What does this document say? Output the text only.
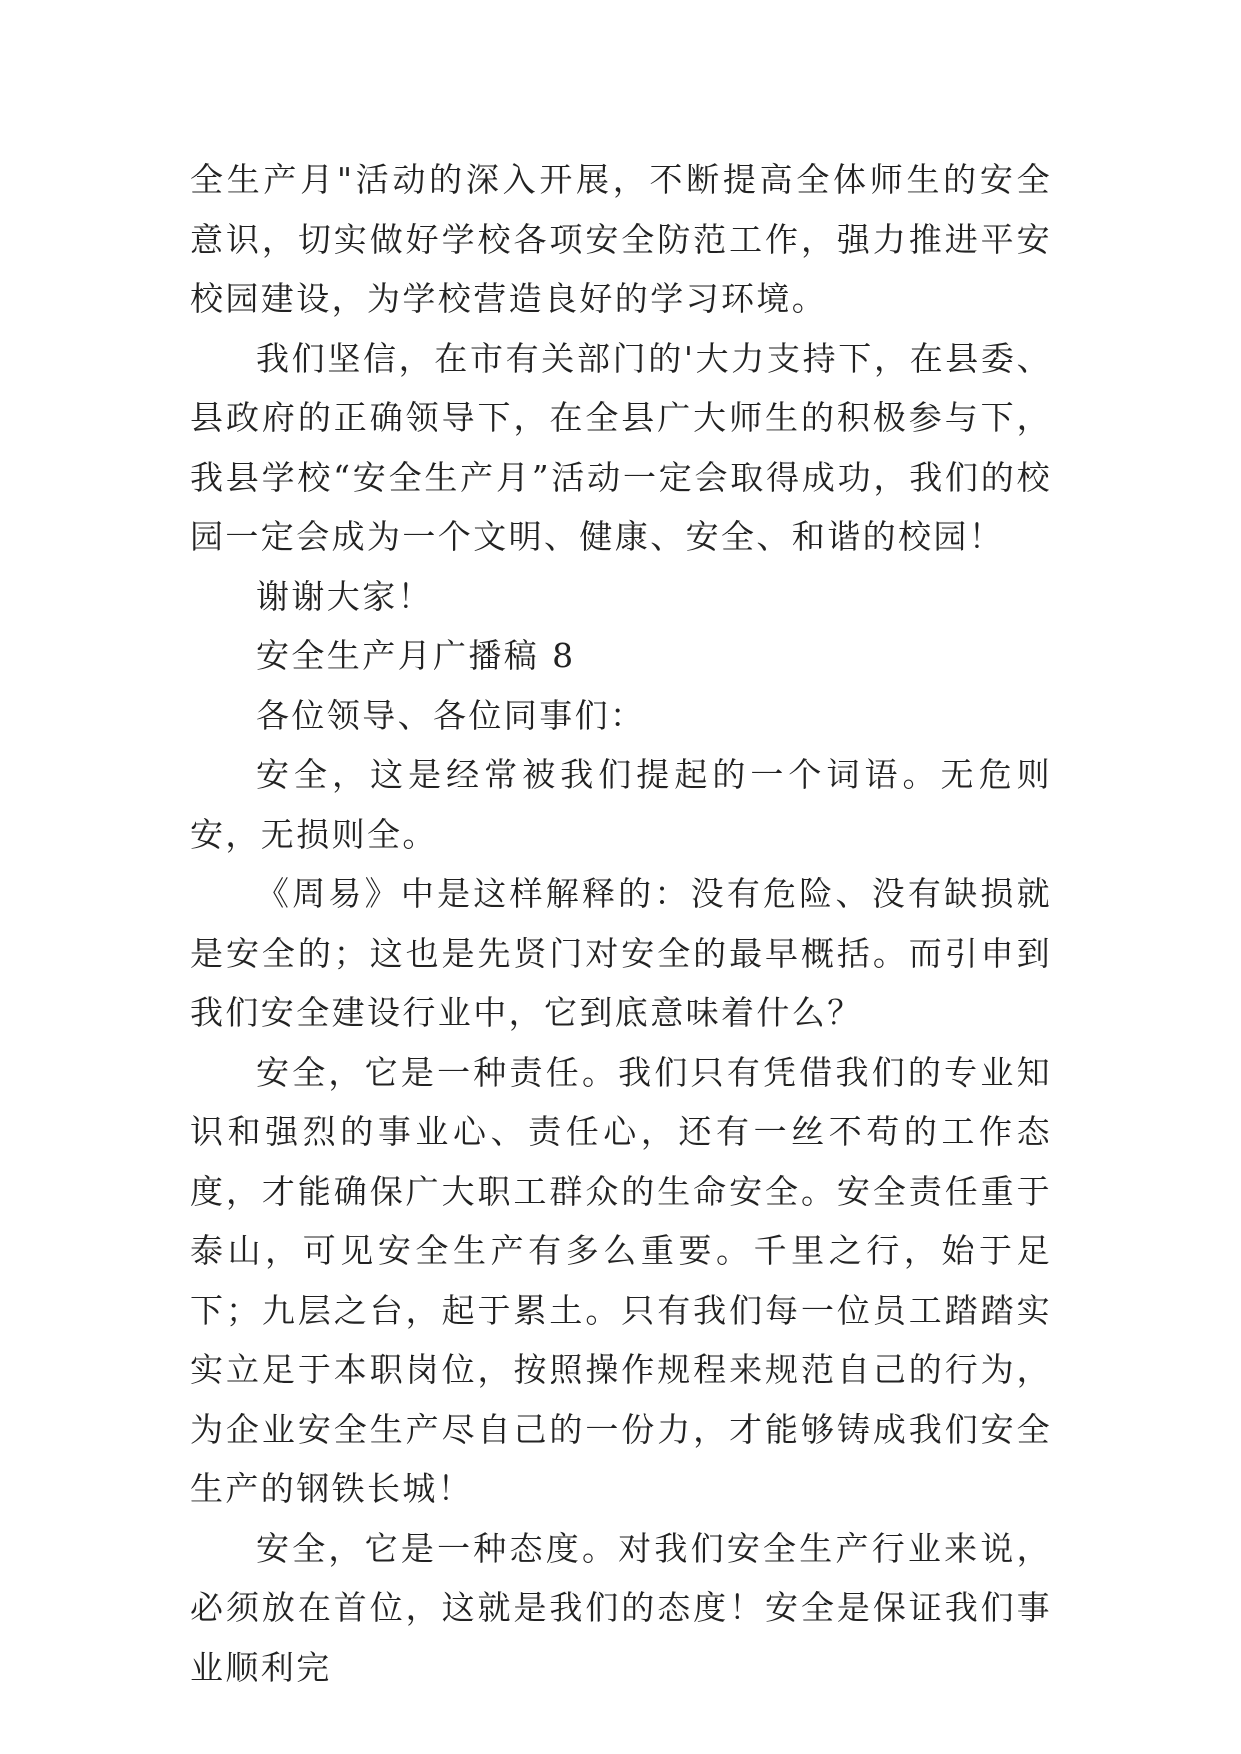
全生产月"活动的深入开展，不断提高全体师生的安全意识，切实做好学校各项安全防范工作，强力推进平安校园建设，为学校营造良好的学习环境。

我们坚信，在市有关部门的'大力支持下，在县委、县政府的正确领导下，在全县广大师生的积极参与下，我县学校“安全生产月”活动一定会取得成功，我们的校园一定会成为一个文明、健康、安全、和谐的校园！

谢谢大家！

安全生产月广播稿 8

各位领导、各位同事们：

安全，这是经常被我们提起的一个词语。无危则安，无损则全。

《周易》中是这样解释的：没有危险、没有缺损就是安全的；这也是先贤门对安全的最早概括。而引申到我们安全建设行业中，它到底意味着什么？

安全，它是一种责任。我们只有凭借我们的专业知识和强烈的事业心、责任心，还有一丝不苟的工作态度，才能确保广大职工群众的生命安全。安全责任重于泰山，可见安全生产有多么重要。千里之行，始于足下；九层之台，起于累土。只有我们每一位员工踏踏实实立足于本职岗位，按照操作规程来规范自己的行为，为企业安全生产尽自己的一份力，才能够铸成我们安全生产的钢铁长城！

安全，它是一种态度。对我们安全生产行业来说，必须放在首位，这就是我们的态度！安全是保证我们事业顺利完
